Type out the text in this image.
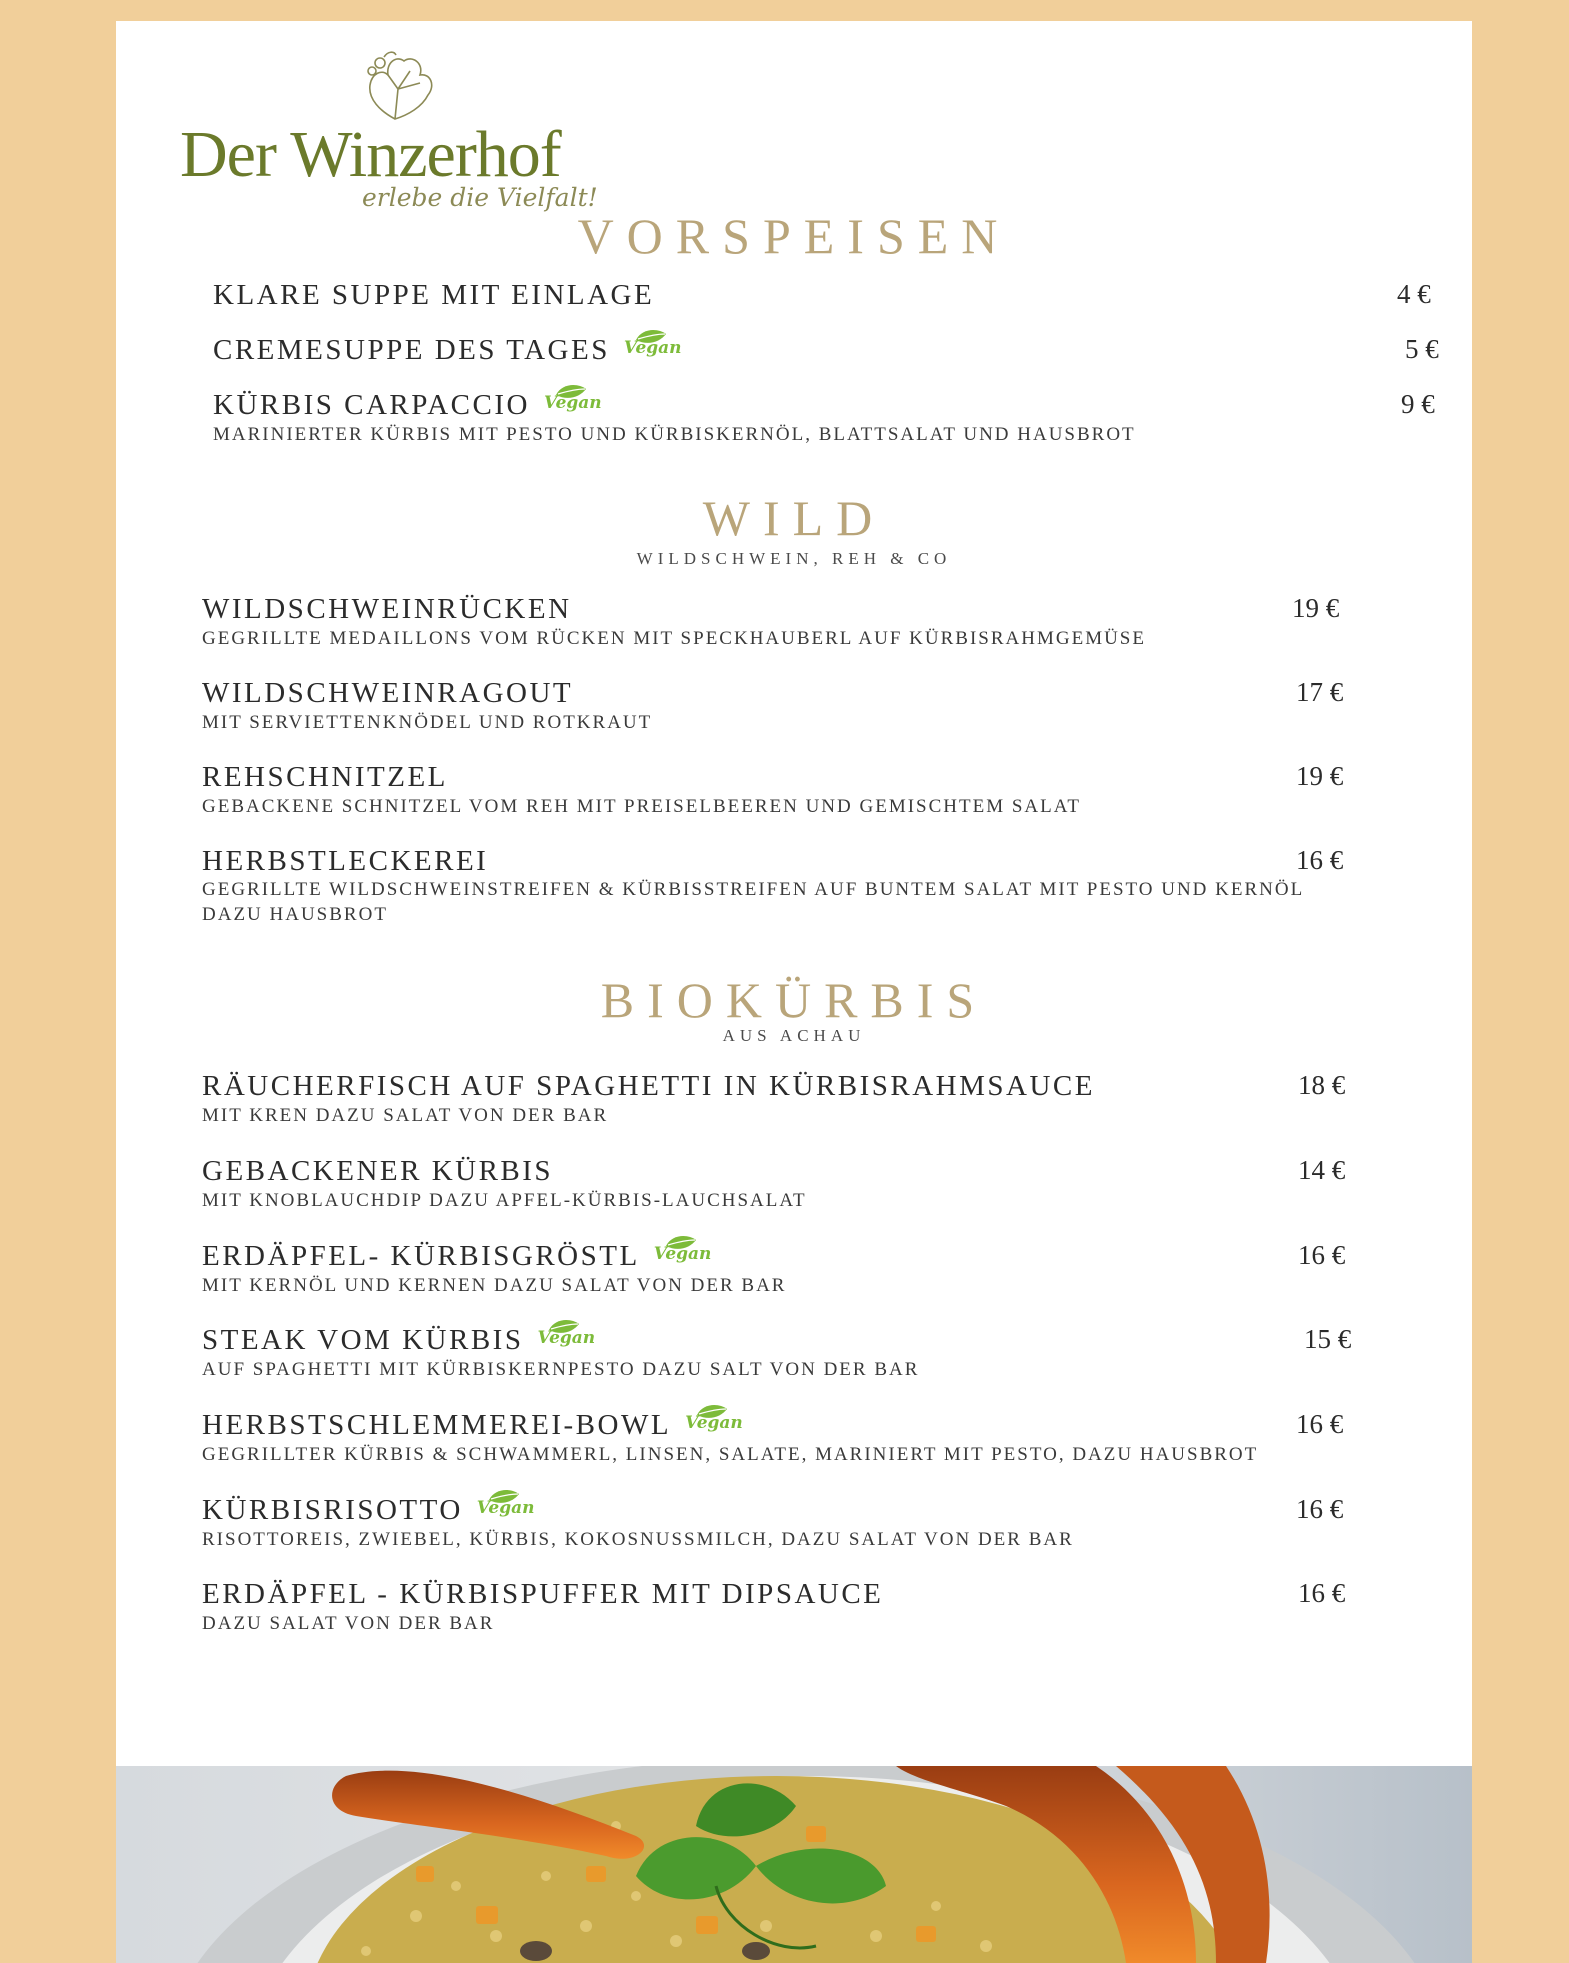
Der Winzerhof
erlebe die Vielfalt!
VORSPEISEN
KLARE SUPPE MIT EINLAGE	4 €
CREMESUPPE DES TAGES Vegan	5 €
KÜRBIS CARPACCIO Vegan	9 €
MARINIERTER KÜRBIS MIT PESTO UND KÜRBISKERNÖL, BLATTSALAT UND HAUSBROT
WILD
WILDSCHWEIN, REH & CO
WILDSCHWEINRÜCKEN	19 €
GEGRILLTE MEDAILLONS VOM RÜCKEN MIT SPECKHAUBERL AUF KÜRBISRAHMGEMÜSE
WILDSCHWEINRAGOUT	17 €
MIT SERVIETTENKNÖDEL UND ROTKRAUT
REHSCHNITZEL	19 €
GEBACKENE SCHNITZEL VOM REH MIT PREISELBEEREN UND GEMISCHTEM SALAT
HERBSTLECKEREI	16 €
GEGRILLTE WILDSCHWEINSTREIFEN & KÜRBISSTREIFEN AUF BUNTEM SALAT MIT PESTO UND KERNÖL
DAZU HAUSBROT
BIOKÜRBIS
AUS ACHAU
RÄUCHERFISCH AUF SPAGHETTI IN KÜRBISRAHMSAUCE	18 €
MIT KREN DAZU SALAT VON DER BAR
GEBACKENER KÜRBIS	14 €
MIT KNOBLAUCHDIP DAZU APFEL-KÜRBIS-LAUCHSALAT
ERDÄPFEL- KÜRBISGRÖSTL Vegan	16 €
MIT KERNÖL UND KERNEN DAZU SALAT VON DER BAR
STEAK VOM KÜRBIS Vegan	15 €
AUF SPAGHETTI MIT KÜRBISKERNPESTO DAZU SALT VON DER BAR
HERBSTSCHLEMMEREI-BOWL Vegan	16 €
GEGRILLTER KÜRBIS & SCHWAMMERL, LINSEN, SALATE, MARINIERT MIT PESTO, DAZU HAUSBROT
KÜRBISRISOTTO Vegan	16 €
RISOTTOREIS, ZWIEBEL, KÜRBIS, KOKOSNUSSMILCH, DAZU SALAT VON DER BAR
ERDÄPFEL - KÜRBISPUFFER MIT DIPSAUCE	16 €
DAZU SALAT VON DER BAR
